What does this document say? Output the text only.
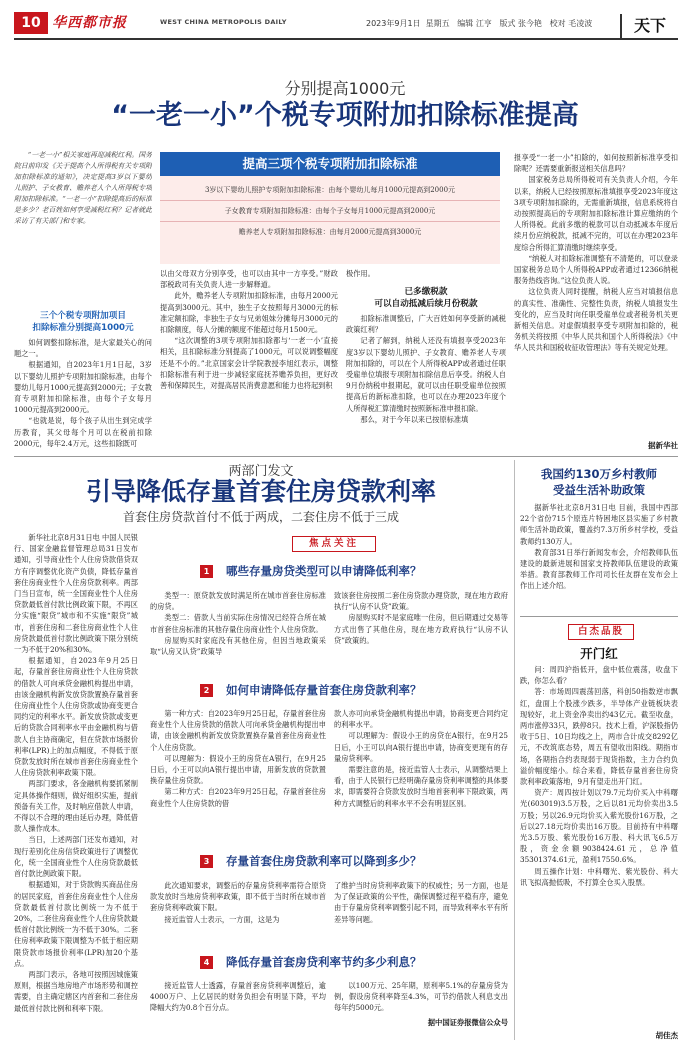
10 华西都市报	WEST CHINA METROPOLIS DAILY	2023年9月1日 星期五 编辑 江亨 版式 张今艳 校对 毛凌波	天下
分别提高1000元
“一老一小”个税专项附加扣除标准提高
“一老一小”相关家庭再迎减税红利。国务院日前印发《关于提高个人所得税有关专项附加扣除标准的通知》，决定提高3岁以下婴幼儿照护、子女教育、赡养老人个人所得税专项附加扣除标准。“一老一小”扣除提高后的标准是多少？老百姓如何享受减税红利？记者就此采访了有关部门和专家。
提高三项个税专项附加扣除标准
3岁以下婴幼儿照护专项附加扣除标准：由每个婴幼儿每月1000元提高到2000元
子女教育专项附加扣除标准：由每个子女每月1000元提高到2000元
赡养老人专项附加扣除标准：由每月2000元提高到3000元
三个个税专项附加项目
扣除标准分别提高1000元

如何调整扣除标准，是大家最关心的问题之一。

根据通知，自2023年1月1日起，3岁以下婴幼儿照护专项附加扣除标准，由每个婴幼儿每月1000元提高到2000元；子女教育专项附加扣除标准，由每个子女每月1000元提高到2000元。

“也就是说，每个孩子从出生到完成学历教育，其父母每个月可以在税前扣除2000元，每年2.4万元，这些扣除既可

以由父母双方分别享受，也可以由其中一方享受。”财政部税政司有关负责人进一步解释道。

此外，赡养老人专项附加扣除标准，由每月2000元提高到3000元。其中，独生子女按照每月3000元的标准定额扣除，非独生子女与兄弟姐妹分摊每月3000元的扣除额度，每人分摊的额度不能超过每月1500元。

“这次调整的3项专项附加扣除都与‘一老一小’直接相关，且扣除标准分别提高了1000元，可以说调整幅度还是不小的。”北京国家会计学院教授李旭红表示，调整扣除标准有利于进一步减轻家庭抚养赡养负担，更好改善和保障民生，对提高居民消费意愿和能力也将起到积

极作用。

已多缴税款
可以自动抵减后续月份税款

扣除标准调整后，广大百姓如何享受新的减税政策红利？

记者了解到，纳税人还没有填报享受2023年度3岁以下婴幼儿照护、子女教育、赡养老人专项附加扣除的，可以在个人所得税APP或者通过任职受雇单位填报专项附加扣除信息后享受。纳税人自9月份纳税申报期起，就可以由任职受雇单位按照提高后的新标准扣除，也可以在办理2023年度个人所得税汇算清缴时按照新标准申报扣除。

那么，对于今年以来已按原标准填

报享受“一老一小”扣除的，如何按照新标准享受扣除呢？还需要重新报送相关信息吗？

国家税务总局所得税司有关负责人介绍，今年以来，纳税人已经按照原标准填报享受2023年度这3项专项附加扣除的，无需重新填报，信息系统将自动按照提高后的专项附加扣除标准计算应缴纳的个人所得税。此前多缴的税款可以自动抵减本年度后续月份应纳税款，抵减不完的，可以在办理2023年度综合所得汇算清缴时继续享受。

“纳税人对扣除标准调整有不清楚的，可以登录国家税务总局个人所得税APP或者通过12366纳税服务热线咨询。”这位负责人说。

这位负责人同时提醒，纳税人应当对填报信息的真实性、准确性、完整性负责，纳税人填报发生变化的，应当及时向任职受雇单位或者税务机关更新相关信息。对虚假填报享受专项附加扣除的，税务机关将按照《中华人民共和国个人所得税法》《中华人民共和国税收征收管理法》等有关规定处理。

据新华社
两部门发文
引导降低存量首套住房贷款利率
首套住房贷款首付不低于两成，二套住房不低于三成

新华社北京8月31日电 中国人民银行、国家金融监督管理总局31日发布通知，引导商业性个人住房贷款借贷双方有序调整优化资产负债，降低存量首套住房商业性个人住房贷款利率。两部门当日宣布，统一全国商业性个人住房贷款最低首付款比例政策下限，不再区分实施“限贷”城市和不实施“限贷”城市，首套住房和二套住房商业性个人住房贷款最低首付款比例政策下限分别统一为不低于20%和30%。

根据通知，自2023年9月25日起，存量首套住房商业性个人住房贷款的借款人可向承贷金融机构提出申请，由该金融机构新发放贷款置换存量首套住房商业性个人住房贷款或协商变更合同约定的利率水平。新发放贷款或变更后的贷款合同利率水平由金融机构与借款人自主协商确定，但在贷款市场报价利率(LPR)上的加点幅度，不得低于原贷款发放时所在城市首套住房商业性个人住房贷款利率政策下限。

两部门要求，各金融机构要抓紧制定具体操作细则，做好组织实施，提前预备有关工作，及时响应借款人申请，不得以不合理的理由延后办理，降低借款人操作成本。

当日，上述两部门还发布通知，对现行差别化住房信贷政策进行了调整优化，统一全国商业性个人住房贷款最低首付款比例政策下限。

根据通知，对于贷款购买商品住房的居民家庭，首套住房商业性个人住房贷款最低首付款比例统一为不低于20%，二套住房商业性个人住房贷款最低首付款比例统一为不低于30%。二套住房利率政策下限调整为不低于相应期限贷款市场报价利率(LPR)加20个基点。

两部门表示，各地可按照因城施策原则，根据当地房地产市场形势和调控需要，自主确定辖区内首套和二套住房最低首付款比例和利率下限。

焦点关注
1	哪些存量房贷类型可以申请降低利率？

类型一：原贷款发放时满足所在城市首套住房标准的房贷。

类型二：借款人当前实际住房情况已经符合所在城市首套住房标准的其他存量住房商业性个人住房贷款。

房屋购买时家庭没有其他住房，但因当地政策采取“认房又认贷”政策导

致该套住房按照二套住房贷款办理贷款，现在地方政府执行“认房不认贷”政策。

房屋购买时不是家庭唯一住房，但后期通过交易等方式出售了其他住房，现在地方政府执行“认房不认贷”政策的。

2	如何申请降低存量首套住房贷款利率？

第一种方式：自2023年9月25日起，存量首套住房商业性个人住房贷款的借款人可向承贷金融机构提出申请，由该金融机构新发放贷款置换存量首套住房商业性个人住房贷款。

可以理解为：假设小王的房贷在A银行，在9月25日后，小王可以向A银行提出申请，用新发放的贷款置换存量住房贷款。

第二种方式：自2023年9月25日起，存量首套住房商业性个人住房贷款的借

款人亦可向承贷金融机构提出申请，协商变更合同约定的利率水平。

可以理解为：假设小王的房贷在A银行，在9月25日后，小王可以向A银行提出申请，协商变更现有的存量房贷利率。

需要注意的是，接近监管人士表示，从调整结果上看，由于人民银行已经明确存量房贷利率调整的具体要求，即需要符合贷款发放时当地首套利率下限政策，两种方式调整后的利率水平不会有明显区别。

3	存量首套住房贷款利率可以降到多少？

此次通知要求，调整后的存量房贷利率需符合原贷款发放时当地房贷利率政策，即不低于当时所在城市首套房贷利率政策下限。

接近监管人士表示，一方面，这是为

了维护当时房贷利率政策下的权威性；另一方面，也是为了保证政策的公平性，确保调整过程平稳有序，避免由于存量房贷利率调整引起不同，而导致利率水平有所差异等问题。

4	降低存量首套房贷利率节约多少利息？

接近监管人士透露，存量首套房贷利率调整后，逾4000万户、上亿居民的财务负担会有明显下降，平均降幅大约为0.8个百分点。

以100万元、25年期，原利率5.1%的存量房贷为例，假设房贷利率降至4.3%，可节约借款人利息支出每年约5000元。

据中国证券报微信公众号
我国约130万乡村教师
受益生活补助政策

据新华社北京8月31日电 目前，我国中西部22个省份715个原连片特困地区县实施了乡村教师生活补助政策，覆盖约7.3万所乡村学校，受益教师约130万人。

教育部31日举行新闻发布会，介绍教师队伍建设的最新进展和国家支持教师队伍建设的政策举措。教育部教师工作司司长任友群在发布会上作出上述介绍。

白杰品股
开门红

问：周四沪指低开，盘中低位震荡，收盘下跌，你怎么看？

答：市场周四震荡回落，科创50指数逆市飘红，盘面上个股涨少跌多，半导体产业链板块表现较好，北上资金净卖出约43亿元。截至收盘，两市涨停33只，跌停8只。技术上看，沪深股指仍收于5日、10日均线之上，两市合计成交8292亿元，不改筑底态势，周五有望收出阳线。期指市场，各期指合约表现弱于现货指数，主力合约负溢价幅度缩小。综合来看，降低存量首套住房贷款利率政策落地，9月有望走出开门红。

资产：周四按计划以79.7元均价买入中科曙光(603019)3.5万股，之后以81元均价卖出3.5万股；另以26.9元均价买入紫光股份16万股，之后以27.18元均价卖出16万股。目前持有中科曙光3.5万股、紫光股份16万股、科大讯飞6.5万股，资金余额9038424.61元，总净值35301374.61元，盈利17550.6%。

周五操作计划：中科曙光、紫光股份、科大讯飞拟高抛低吸，不打算全仓买入股票。

胡佳杰
